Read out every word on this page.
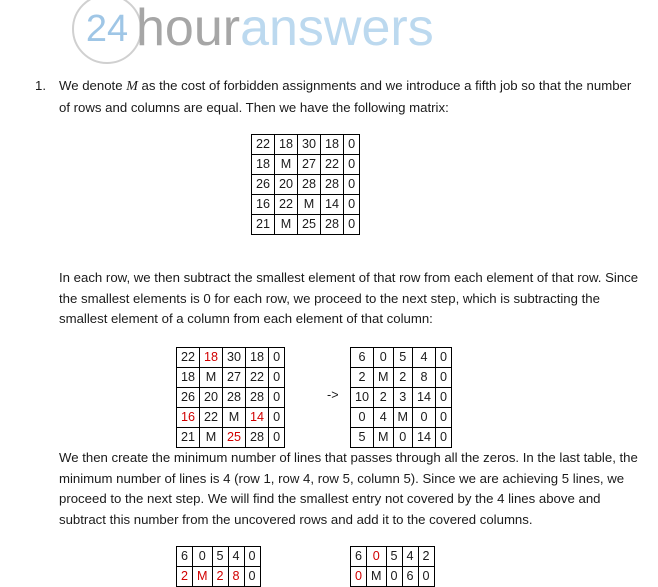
24 houranswers
1. We denote M as the cost of forbidden assignments and we introduce a fifth job so that the number of rows and columns are equal. Then we have the following matrix:
22	18	30	18	0
18	M	27	22	0
26	20	28	28	0
16	22	M	14	0
21	M	25	28	0
In each row, we then subtract the smallest element of that row from each element of that row. Since the smallest elements is 0 for each row, we proceed to the next step, which is subtracting the smallest element of a column from each element of that column:
22	18	30	18	0
18	M	27	22	0
26	20	28	28	0
16	22	M	14	0
21	M	25	28	0
->
6	0	5	4	0
2	M	2	8	0
10	2	3	14	0
0	4	M	0	0
5	M	0	14	0
We then create the minimum number of lines that passes through all the zeros. In the last table, the minimum number of lines is 4 (row 1, row 4, row 5, column 5). Since we are achieving 5 lines, we proceed to the next step. We will find the smallest entry not covered by the 4 lines above and subtract this number from the uncovered rows and add it to the covered columns.
6	0	5	4	0
2	M	2	8	0
6	0	5	4	2
0	M	0	6	0
